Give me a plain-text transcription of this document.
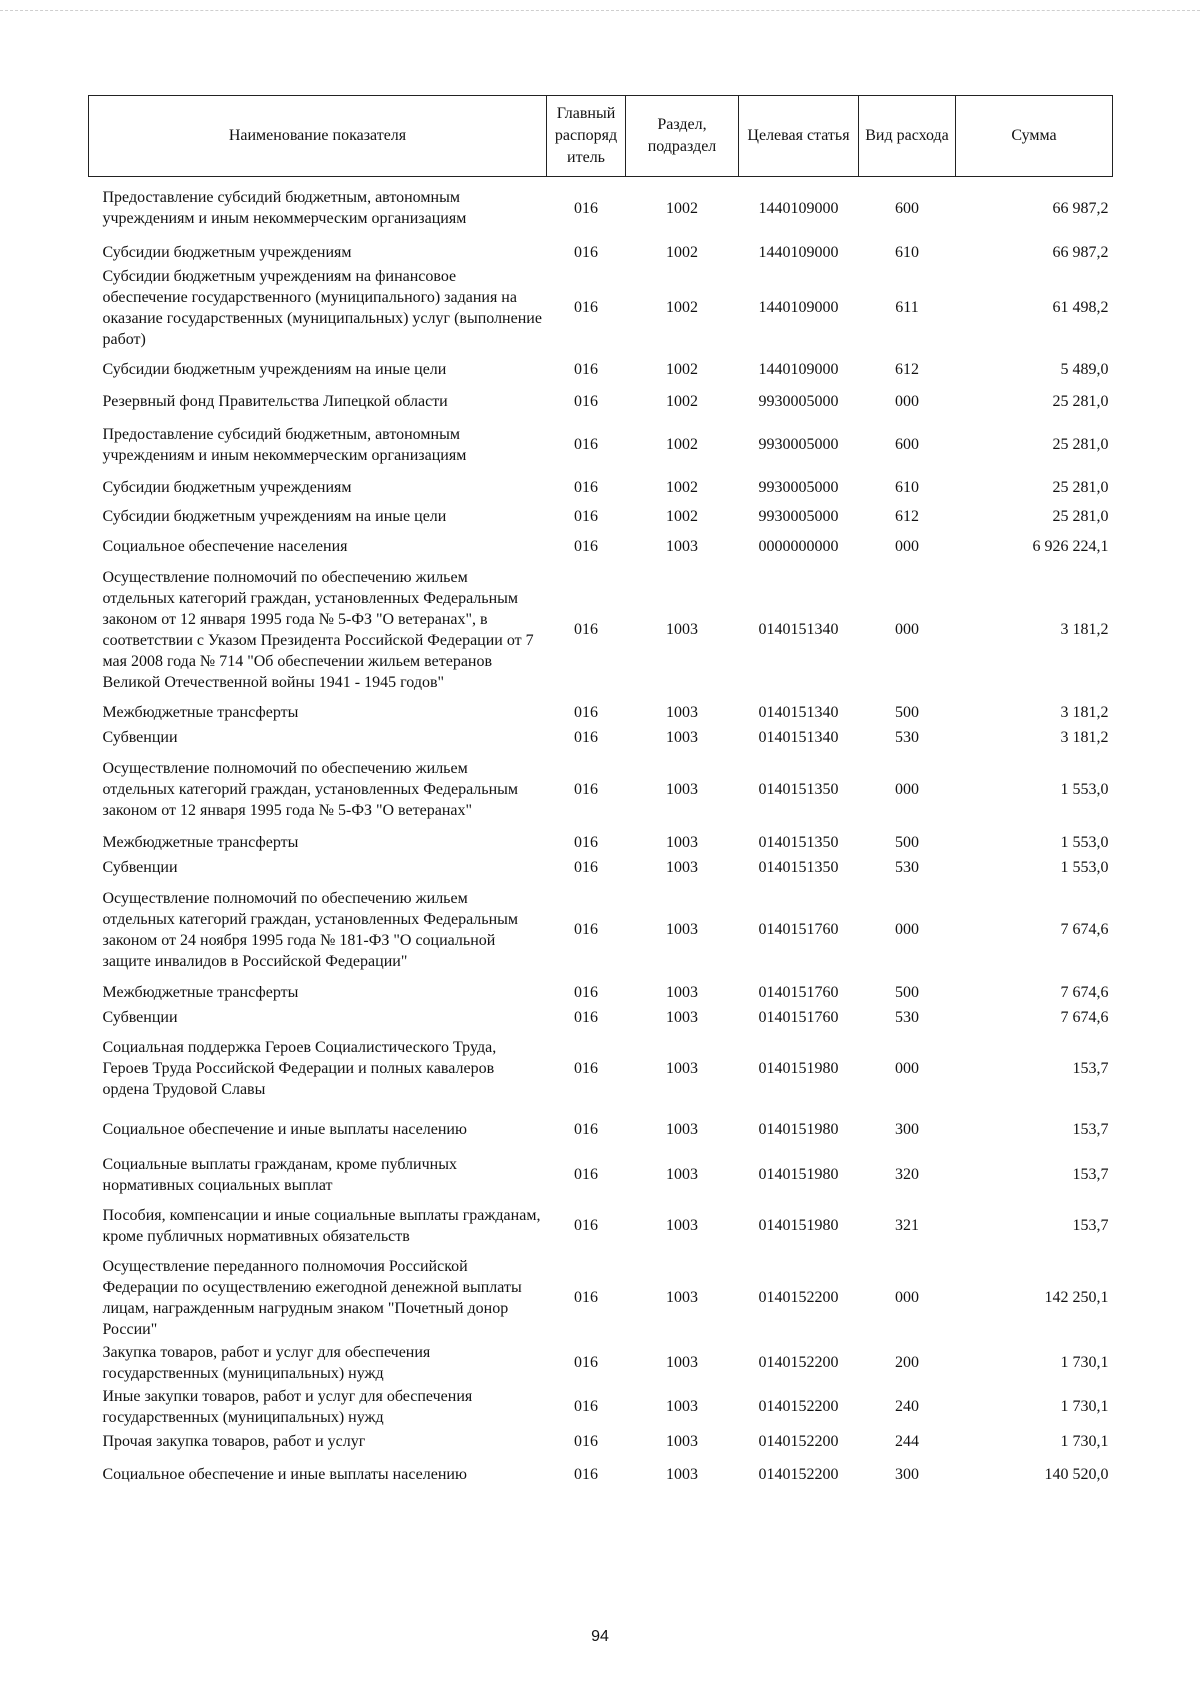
Наименование показателя	Главный распоряд итель	Раздел, подраздел	Целевая статья	Вид расхода	Сумма
Предоставление субсидий бюджетным, автономным учреждениям и иным некоммерческим организациям	016	1002	1440109000	600	66 987,2
Субсидии бюджетным учреждениям	016	1002	1440109000	610	66 987,2
Субсидии бюджетным учреждениям на финансовое обеспечение государственного (муниципального) задания на оказание государственных (муниципальных) услуг (выполнение работ)	016	1002	1440109000	611	61 498,2
Субсидии бюджетным учреждениям на иные цели	016	1002	1440109000	612	5 489,0
Резервный фонд Правительства Липецкой области	016	1002	9930005000	000	25 281,0
Предоставление субсидий бюджетным, автономным учреждениям и иным некоммерческим организациям	016	1002	9930005000	600	25 281,0
Субсидии бюджетным учреждениям	016	1002	9930005000	610	25 281,0
Субсидии бюджетным учреждениям на иные цели	016	1002	9930005000	612	25 281,0
Социальное обеспечение населения	016	1003	0000000000	000	6 926 224,1
Осуществление полномочий по обеспечению жильем отдельных категорий граждан, установленных Федеральным законом от 12 января 1995 года № 5-ФЗ "О ветеранах", в соответствии с Указом Президента Российской Федерации от 7 мая 2008 года № 714 "Об обеспечении жильем ветеранов Великой Отечественной войны 1941 - 1945 годов"	016	1003	0140151340	000	3 181,2
Межбюджетные трансферты	016	1003	0140151340	500	3 181,2
Субвенции	016	1003	0140151340	530	3 181,2
Осуществление полномочий по обеспечению жильем отдельных категорий граждан, установленных Федеральным законом от 12 января 1995 года № 5-ФЗ "О ветеранах"	016	1003	0140151350	000	1 553,0
Межбюджетные трансферты	016	1003	0140151350	500	1 553,0
Субвенции	016	1003	0140151350	530	1 553,0
Осуществление полномочий по обеспечению жильем отдельных категорий граждан, установленных Федеральным законом от 24 ноября 1995 года № 181-ФЗ "О социальной защите инвалидов в Российской Федерации"	016	1003	0140151760	000	7 674,6
Межбюджетные трансферты	016	1003	0140151760	500	7 674,6
Субвенции	016	1003	0140151760	530	7 674,6
Социальная поддержка Героев Социалистического Труда, Героев Труда Российской Федерации и полных кавалеров ордена Трудовой Славы	016	1003	0140151980	000	153,7
Социальное обеспечение и иные выплаты населению	016	1003	0140151980	300	153,7
Социальные выплаты гражданам, кроме публичных нормативных социальных выплат	016	1003	0140151980	320	153,7
Пособия, компенсации и иные социальные выплаты гражданам, кроме публичных нормативных обязательств	016	1003	0140151980	321	153,7
Осуществление переданного полномочия Российской Федерации по осуществлению ежегодной денежной выплаты лицам, награжденным нагрудным знаком "Почетный донор России"	016	1003	0140152200	000	142 250,1
Закупка товаров, работ и услуг для обеспечения государственных (муниципальных) нужд	016	1003	0140152200	200	1 730,1
Иные закупки товаров, работ и услуг для обеспечения государственных (муниципальных) нужд	016	1003	0140152200	240	1 730,1
Прочая закупка товаров, работ и услуг	016	1003	0140152200	244	1 730,1
Социальное обеспечение и иные выплаты населению	016	1003	0140152200	300	140 520,0
94
